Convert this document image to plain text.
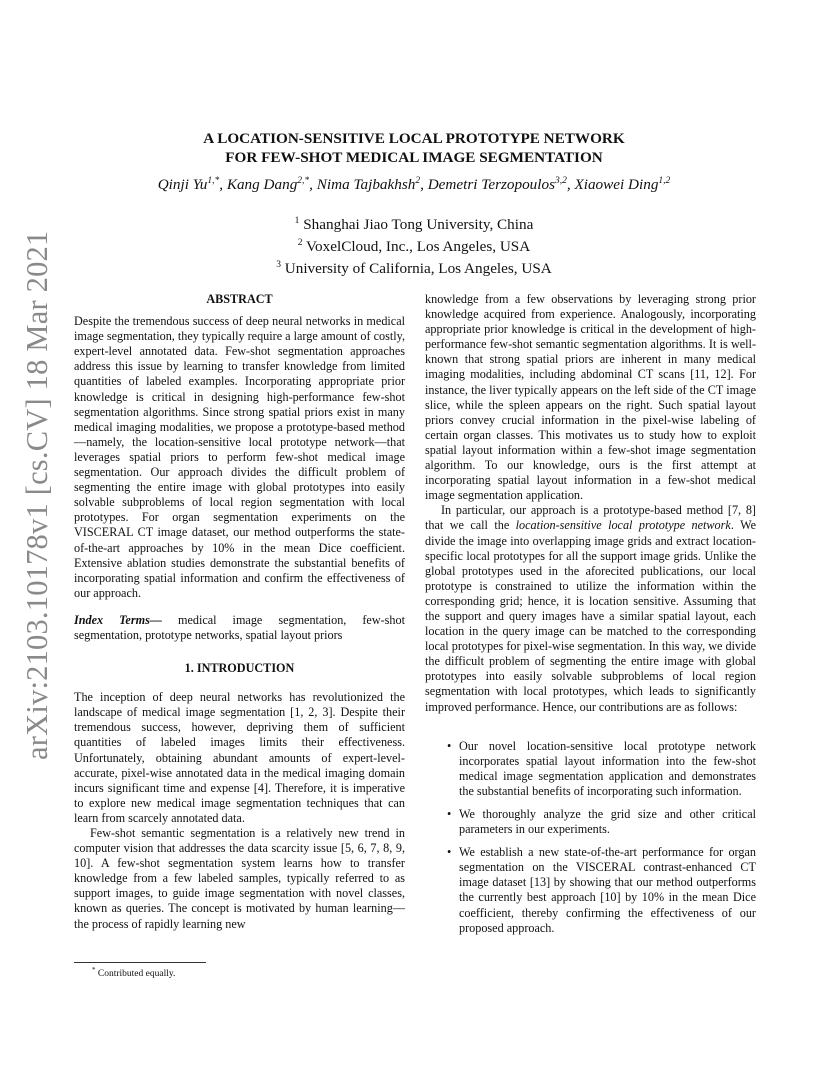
arXiv:2103.10178v1 [cs.CV] 18 Mar 2021
A LOCATION-SENSITIVE LOCAL PROTOTYPE NETWORK
FOR FEW-SHOT MEDICAL IMAGE SEGMENTATION
Qinji $Yu^{1,*}$, Kang Dang$^{2,*}$, Nima Tajbakhsh$^2$, Demetri Terzopoulos$^{3,2}$, Xiaowei Ding$^{1,2}$
$^1$ Shanghai Jiao Tong University, China
$^2$ VoxelCloud, Inc., Los Angeles, USA
$^3$ University of California, Los Angeles, USA
ABSTRACT

Despite the tremendous success of deep neural networks in medical image segmentation, they typically require a large amount of costly, expert-level annotated data. Few-shot segmentation approaches address this issue by learning to transfer knowledge from limited quantities of labeled examples. Incorporating appropriate prior knowledge is critical in designing high-performance few-shot segmentation algorithms. Since strong spatial priors exist in many medical imaging modalities, we propose a prototype-based method—namely, the location-sensitive local prototype network—that leverages spatial priors to perform few-shot medical image segmentation. Our approach divides the difficult problem of segmenting the entire image with global prototypes into easily solvable subproblems of local region segmentation with local prototypes. For organ segmentation experiments on the VISCERAL CT image dataset, our method outperforms the state-of-the-art approaches by 10% in the mean Dice coefficient. Extensive ablation studies demonstrate the substantial benefits of incorporating spatial information and confirm the effectiveness of our approach.

Index Terms— medical image segmentation, few-shot segmentation, prototype networks, spatial layout priors

1. INTRODUCTION

The inception of deep neural networks has revolutionized the landscape of medical image segmentation [1, 2, 3]. Despite their tremendous success, however, depriving them of sufficient quantities of labeled images limits their effectiveness. Unfortunately, obtaining abundant amounts of expert-level-accurate, pixel-wise annotated data in the medical imaging domain incurs significant time and expense [4]. Therefore, it is imperative to explore new medical image segmentation techniques that can learn from scarcely annotated data.

Few-shot semantic segmentation is a relatively new trend in computer vision that addresses the data scarcity issue [5, 6, 7, 8, 9, 10]. A few-shot segmentation system learns how to transfer knowledge from a few labeled samples, typically referred to as support images, to guide image segmentation with novel classes, known as queries. The concept is motivated by human learning—the process of rapidly learning new

knowledge from a few observations by leveraging strong prior knowledge acquired from experience. Analogously, incorporating appropriate prior knowledge is critical in the development of high-performance few-shot semantic segmentation algorithms. It is well-known that strong spatial priors are inherent in many medical imaging modalities, including abdominal CT scans [11, 12]. For instance, the liver typically appears on the left side of the CT image slice, while the spleen appears on the right. Such spatial layout priors convey crucial information in the pixel-wise labeling of certain organ classes. This motivates us to study how to exploit spatial layout information within a few-shot image segmentation algorithm. To our knowledge, ours is the first attempt at incorporating spatial layout information in a few-shot medical image segmentation application.

In particular, our approach is a prototype-based method [7, 8] that we call the location-sensitive local prototype network. We divide the image into overlapping image grids and extract location-specific local prototypes for all the support image grids. Unlike the global prototypes used in the aforecited publications, our local prototype is constrained to utilize the information within the corresponding grid; hence, it is location sensitive. Assuming that the support and query images have a similar spatial layout, each location in the query image can be matched to the corresponding local prototypes for pixel-wise segmentation. In this way, we divide the difficult problem of segmenting the entire image with global prototypes into easily solvable subproblems of local region segmentation with local prototypes, which leads to significantly improved performance. Hence, our contributions are as follows:

• Our novel location-sensitive local prototype network incorporates spatial layout information into the few-shot medical image segmentation application and demonstrates the substantial benefits of incorporating such information.
• We thoroughly analyze the grid size and other critical parameters in our experiments.
• We establish a new state-of-the-art performance for organ segmentation on the VISCERAL contrast-enhanced CT image dataset [13] by showing that our method outperforms the currently best approach [10] by 10% in the mean Dice coefficient, thereby confirming the effectiveness of our proposed approach.
* Contributed equally.
